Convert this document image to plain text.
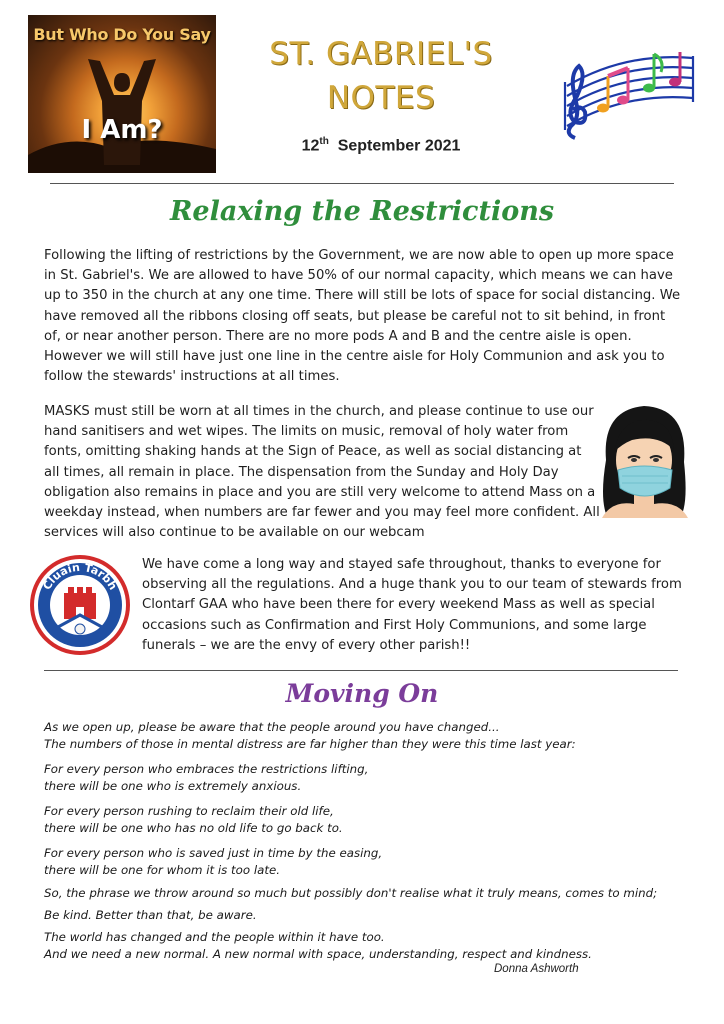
But Who Do You Say
I Am?
ST. GABRIEL'S
NOTES
12th September 2021
Relaxing the Restrictions

Following the lifting of restrictions by the Government, we are now able to open up more space in St. Gabriel's. We are allowed to have 50% of our normal capacity, which means we can have up to 350 in the church at any one time. There will still be lots of space for social distancing. We have removed all the ribbons closing off seats, but please be careful not to sit behind, in front of, or near another person. There are no more pods A and B and the centre aisle is open. However we will still have just one line in the centre aisle for Holy Communion and ask you to follow the stewards' instructions at all times.

MASKS must still be worn at all times in the church, and please continue to use our hand sanitisers and wet wipes. The limits on music, removal of holy water from fonts, omitting shaking hands at the Sign of Peace, as well as social distancing at all times, all remain in place. The dispensation from the Sunday and Holy Day obligation also remains in place and you are still very welcome to attend Mass on a weekday instead, when numbers are far fewer and you may feel more confident. All services will also continue to be available on our webcam

Cluain Tarbh

We have come a long way and stayed safe throughout, thanks to everyone for observing all the regulations. And a huge thank you to our team of stewards from Clontarf GAA who have been there for every weekend Mass as well as special occasions such as Confirmation and First Holy Communions, and some large funerals – we are the envy of every other parish!!

Moving On
As we open up, please be aware that the people around you have changed...
The numbers of those in mental distress are far higher than they were this time last year:
For every person who embraces the restrictions lifting,
there will be one who is extremely anxious.
For every person rushing to reclaim their old life,
there will be one who has no old life to go back to.
For every person who is saved just in time by the easing,
there will be one for whom it is too late.
So, the phrase we throw around so much but possibly don't realise what it truly means, comes to mind;
Be kind. Better than that, be aware.
The world has changed and the people within it have too.
And we need a new normal. A new normal with space, understanding, respect and kindness.
Donna Ashworth
